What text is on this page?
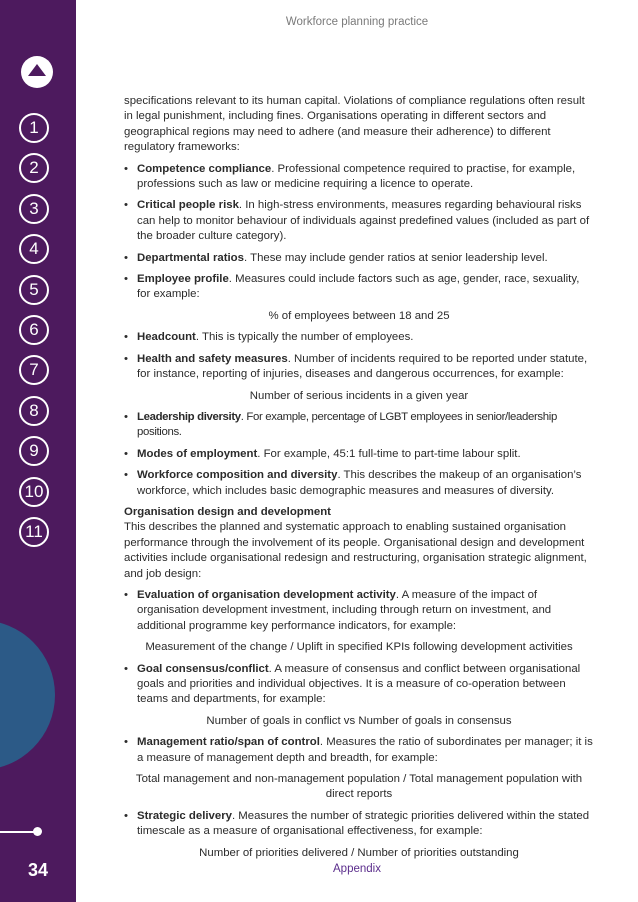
1
2
3
4
5
6
7
8
9
10
11
34
Workforce planning practice

specifications relevant to its human capital. Violations of compliance regulations often result in legal punishment, including fines. Organisations operating in different sectors and geographical regions may need to adhere (and measure their adherence) to different regulatory frameworks:

• Competence compliance. Professional competence required to practise, for example, professions such as law or medicine requiring a licence to operate.
• Critical people risk. In high-stress environments, measures regarding behavioural risks can help to monitor behaviour of individuals against predefined values (included as part of the broader culture category).
• Departmental ratios. These may include gender ratios at senior leadership level.
• Employee profile. Measures could include factors such as age, gender, race, sexuality, for example:
% of employees between 18 and 25
• Headcount. This is typically the number of employees.
• Health and safety measures. Number of incidents required to be reported under statute, for instance, reporting of injuries, diseases and dangerous occurrences, for example:
Number of serious incidents in a given year
• Leadership diversity. For example, percentage of LGBT employees in senior/leadership positions.
• Modes of employment. For example, 45:1 full-time to part-time labour split.
• Workforce composition and diversity. This describes the makeup of an organisation’s workforce, which includes basic demographic measures and measures of diversity.

Organisation design and development

This describes the planned and systematic approach to enabling sustained organisation performance through the involvement of its people. Organisational design and development activities include organisational redesign and restructuring, organisation strategic alignment, and job design:

• Evaluation of organisation development activity. A measure of the impact of organisation development investment, including through return on investment, and additional programme key performance indicators, for example:
Measurement of the change / Uplift in specified KPIs following development activities
• Goal consensus/conflict. A measure of consensus and conflict between organisational goals and priorities and individual objectives. It is a measure of co-operation between teams and departments, for example:
Number of goals in conflict vs Number of goals in consensus
• Management ratio/span of control. Measures the ratio of subordinates per manager; it is a measure of management depth and breadth, for example:
Total management and non-management population / Total management population with direct reports
• Strategic delivery. Measures the number of strategic priorities delivered within the stated timescale as a measure of organisational effectiveness, for example:
Number of priorities delivered / Number of priorities outstanding
Appendix
